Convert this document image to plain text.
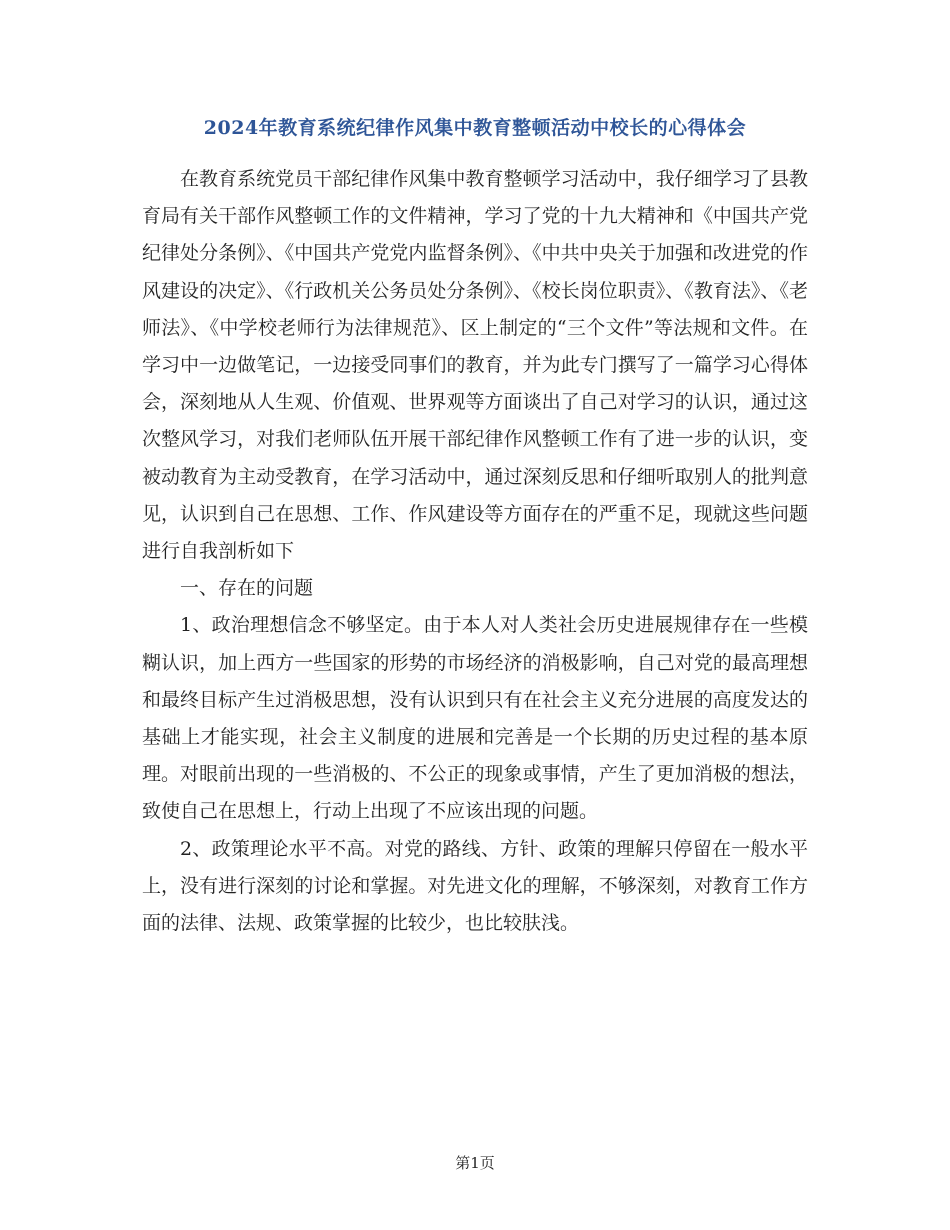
2024年教育系统纪律作风集中教育整顿活动中校长的心得体会

在教育系统党员干部纪律作风集中教育整顿学习活动中，我仔细学习了县教育局有关干部作风整顿工作的文件精神，学习了党的十九大精神和《中国共产党纪律处分条例》、《中国共产党党内监督条例》、《中共中央关于加强和改进党的作风建设的决定》、《行政机关公务员处分条例》、《校长岗位职责》、《教育法》、《老师法》、《中学校老师行为法律规范》、区上制定的“三个文件”等法规和文件。在学习中一边做笔记，一边接受同事们的教育，并为此专门撰写了一篇学习心得体会，深刻地从人生观、价值观、世界观等方面谈出了自己对学习的认识，通过这次整风学习，对我们老师队伍开展干部纪律作风整顿工作有了进一步的认识，变被动教育为主动受教育，在学习活动中，通过深刻反思和仔细听取别人的批判意见，认识到自己在思想、工作、作风建设等方面存在的严重不足，现就这些问题进行自我剖析如下

一、存在的问题

1、政治理想信念不够坚定。由于本人对人类社会历史进展规律存在一些模糊认识，加上西方一些国家的形势的市场经济的消极影响，自己对党的最高理想和最终目标产生过消极思想，没有认识到只有在社会主义充分进展的高度发达的基础上才能实现，社会主义制度的进展和完善是一个长期的历史过程的基本原理。对眼前出现的一些消极的、不公正的现象或事情，产生了更加消极的想法，致使自己在思想上，行动上出现了不应该出现的问题。

2、政策理论水平不高。对党的路线、方针、政策的理解只停留在一般水平上，没有进行深刻的讨论和掌握。对先进文化的理解，不够深刻，对教育工作方面的法律、法规、政策掌握的比较少，也比较肤浅。

第1页
